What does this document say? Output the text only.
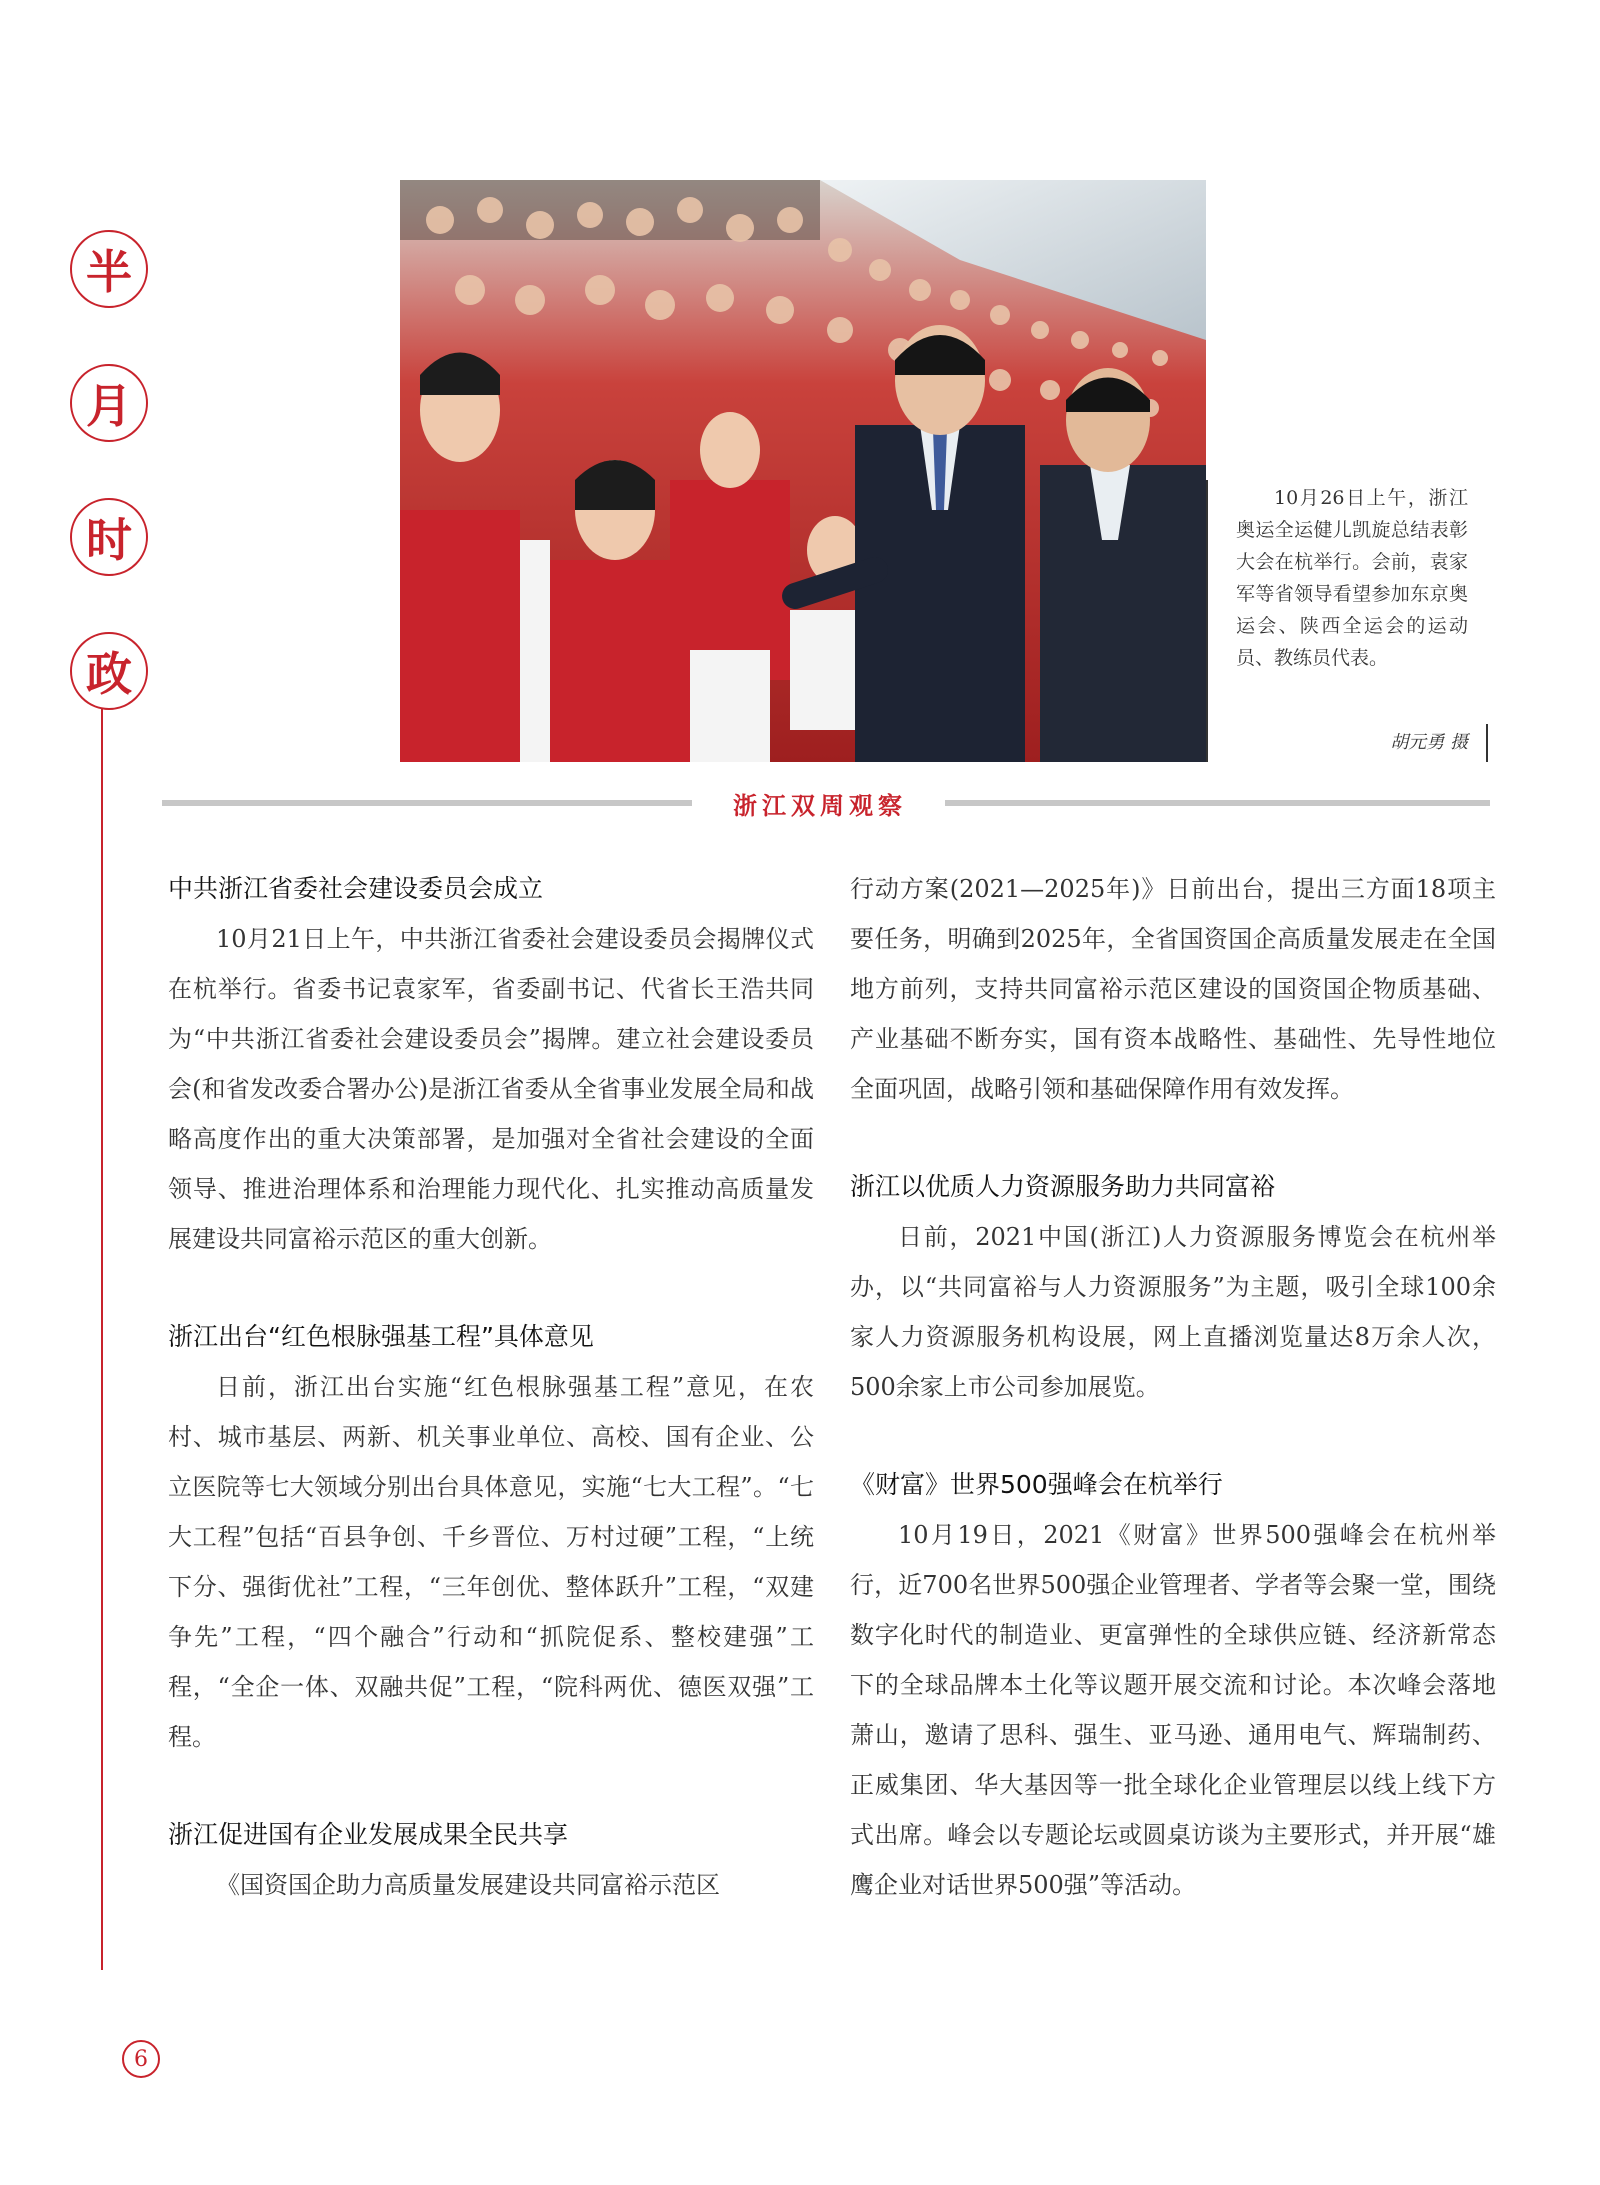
半
月
时
政
10月26日上午，浙江奥运全运健儿凯旋总结表彰大会在杭举行。会前，袁家军等省领导看望参加东京奥运会、陕西全运会的运动员、教练员代表。
胡元勇 摄
浙江双周观察
中共浙江省委社会建设委员会成立

10月21日上午，中共浙江省委社会建设委员会揭牌仪式在杭举行。省委书记袁家军，省委副书记、代省长王浩共同为“中共浙江省委社会建设委员会”揭牌。建立社会建设委员会(和省发改委合署办公)是浙江省委从全省事业发展全局和战略高度作出的重大决策部署，是加强对全省社会建设的全面领导、推进治理体系和治理能力现代化、扎实推动高质量发展建设共同富裕示范区的重大创新。

浙江出台“红色根脉强基工程”具体意见

日前，浙江出台实施“红色根脉强基工程”意见，在农村、城市基层、两新、机关事业单位、高校、国有企业、公立医院等七大领域分别出台具体意见，实施“七大工程”。“七大工程”包括“百县争创、千乡晋位、万村过硬”工程，“上统下分、强街优社”工程，“三年创优、整体跃升”工程，“双建争先”工程，“四个融合”行动和“抓院促系、整校建强”工程，“全企一体、双融共促”工程，“院科两优、德医双强”工程。

浙江促进国有企业发展成果全民共享

《国资国企助力高质量发展建设共同富裕示范区

行动方案(2021—2025年)》日前出台，提出三方面18项主要任务，明确到2025年，全省国资国企高质量发展走在全国地方前列，支持共同富裕示范区建设的国资国企物质基础、产业基础不断夯实，国有资本战略性、基础性、先导性地位全面巩固，战略引领和基础保障作用有效发挥。

浙江以优质人力资源服务助力共同富裕

日前，2021中国(浙江)人力资源服务博览会在杭州举办，以“共同富裕与人力资源服务”为主题，吸引全球100余家人力资源服务机构设展，网上直播浏览量达8万余人次，500余家上市公司参加展览。

《财富》世界500强峰会在杭举行

10月19日，2021《财富》世界500强峰会在杭州举行，近700名世界500强企业管理者、学者等会聚一堂，围绕数字化时代的制造业、更富弹性的全球供应链、经济新常态下的全球品牌本土化等议题开展交流和讨论。本次峰会落地萧山，邀请了思科、强生、亚马逊、通用电气、辉瑞制药、正威集团、华大基因等一批全球化企业管理层以线上线下方式出席。峰会以专题论坛或圆桌访谈为主要形式，并开展“雄鹰企业对话世界500强”等活动。

6
